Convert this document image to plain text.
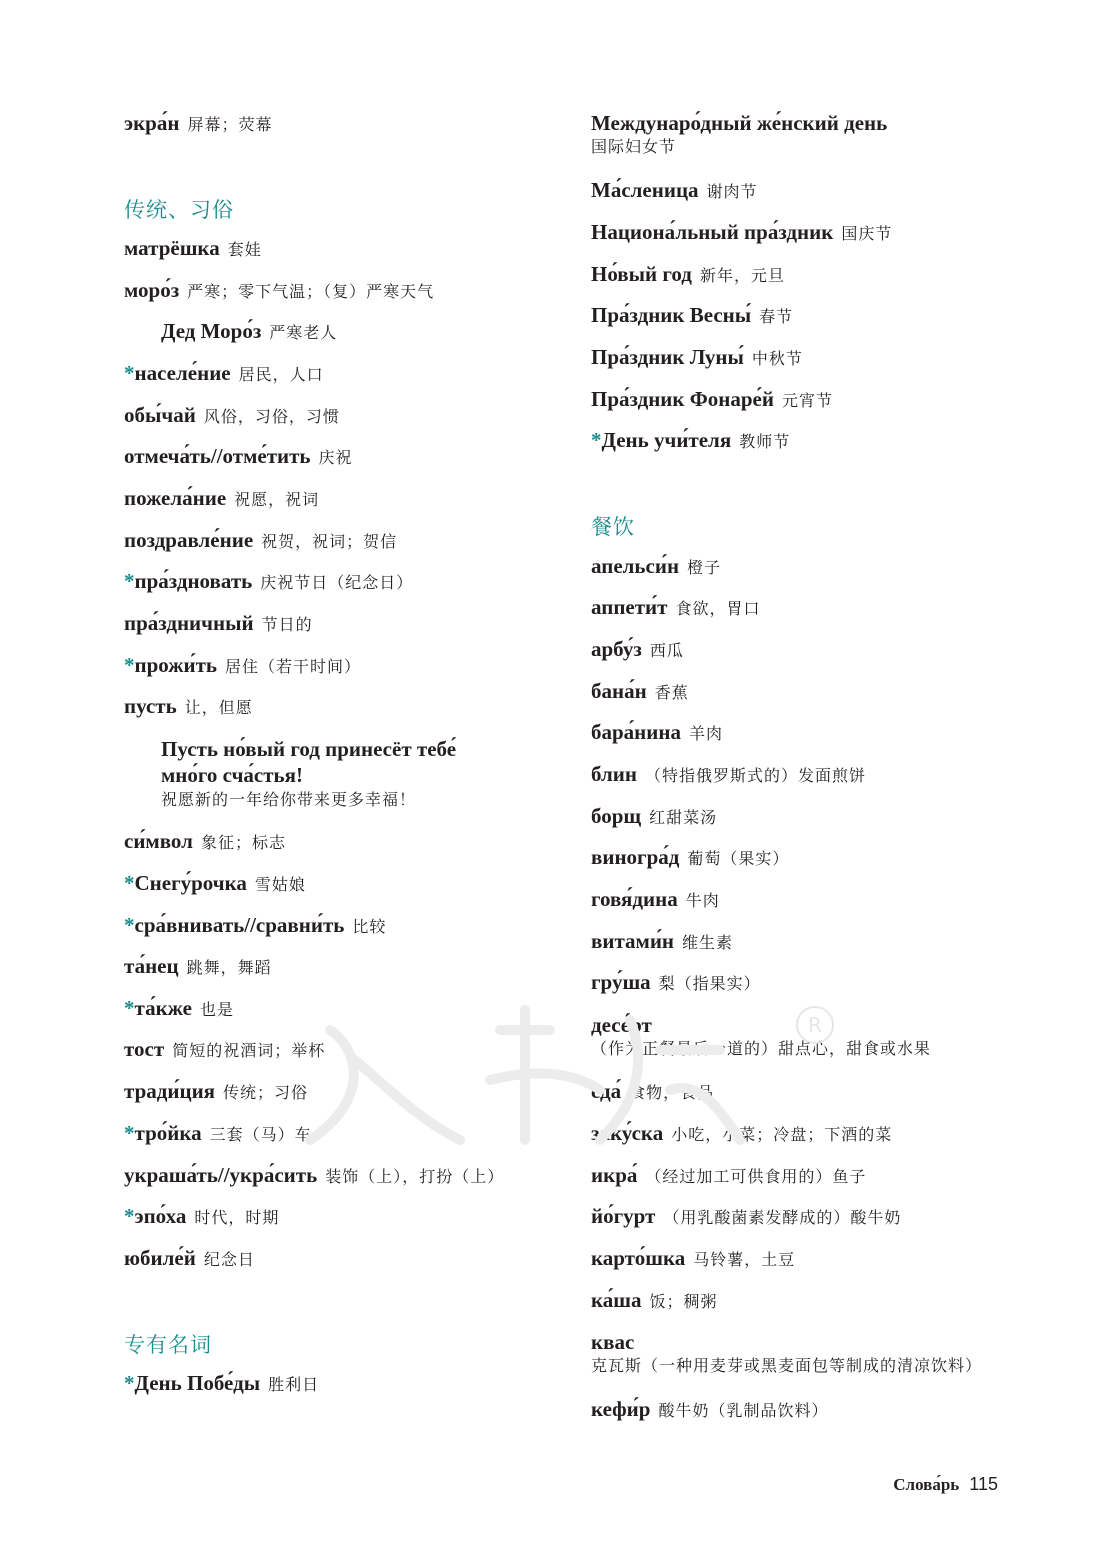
экра́н 屏幕；荧幕
传统、习俗
матрёшка 套娃
моро́з 严寒；零下气温；（复）严寒天气
Дед Моро́з 严寒老人
*населе́ние 居民，人口
обы́чай 风俗，习俗，习惯
отмеча́ть//отме́тить 庆祝
пожела́ние 祝愿，祝词
поздравле́ние 祝贺，祝词；贺信
*пра́здновать 庆祝节日（纪念日）
пра́здничный 节日的
*прожи́ть 居住（若干时间）
пусть 让，但愿
Пусть но́вый год принесёт тебе́
мно́го сча́стья!
祝愿新的一年给你带来更多幸福！
си́мвол 象征；标志
*Снегу́рочка 雪姑娘
*сра́внивать//сравни́ть 比较
та́нец 跳舞，舞蹈
*та́кже 也是
тост 简短的祝酒词；举杯
тради́ция 传统；习俗
*тро́йка 三套（马）车
украша́ть//укра́сить 装饰（上），打扮（上）
*эпо́ха 时代，时期
юбиле́й 纪念日
专有名词
*День Побе́ды 胜利日
Междунаро́дный же́нский день
国际妇女节
Ма́сленица 谢肉节
Национа́льный пра́здник 国庆节
Но́вый год 新年，元旦
Пра́здник Весны́ 春节
Пра́здник Луны́ 中秋节
Пра́здник Фонаре́й 元宵节
*День учи́теля 教师节
餐饮
апельси́н 橙子
аппети́т 食欲，胃口
арбу́з 西瓜
бана́н 香蕉
бара́нина 羊肉
блин （特指俄罗斯式的）发面煎饼
борщ 红甜菜汤
виногра́д 葡萄（果实）
говя́дина 牛肉
витами́н 维生素
гру́ша 梨（指果实）
десе́рт
（作为正餐最后一道的）甜点心，甜食或水果
еда́ 食物，食品
заку́ска 小吃，小菜；冷盘；下酒的菜
икра́ （经过加工可供食用的）鱼子
йо́гурт （用乳酸菌素发酵成的）酸牛奶
карто́шка 马铃薯，土豆
ка́ша 饭；稠粥
квас
克瓦斯（一种用麦芽或黑麦面包等制成的清凉饮料）
кефи́р 酸牛奶（乳制品饮料）
R
Слова́рь 115
